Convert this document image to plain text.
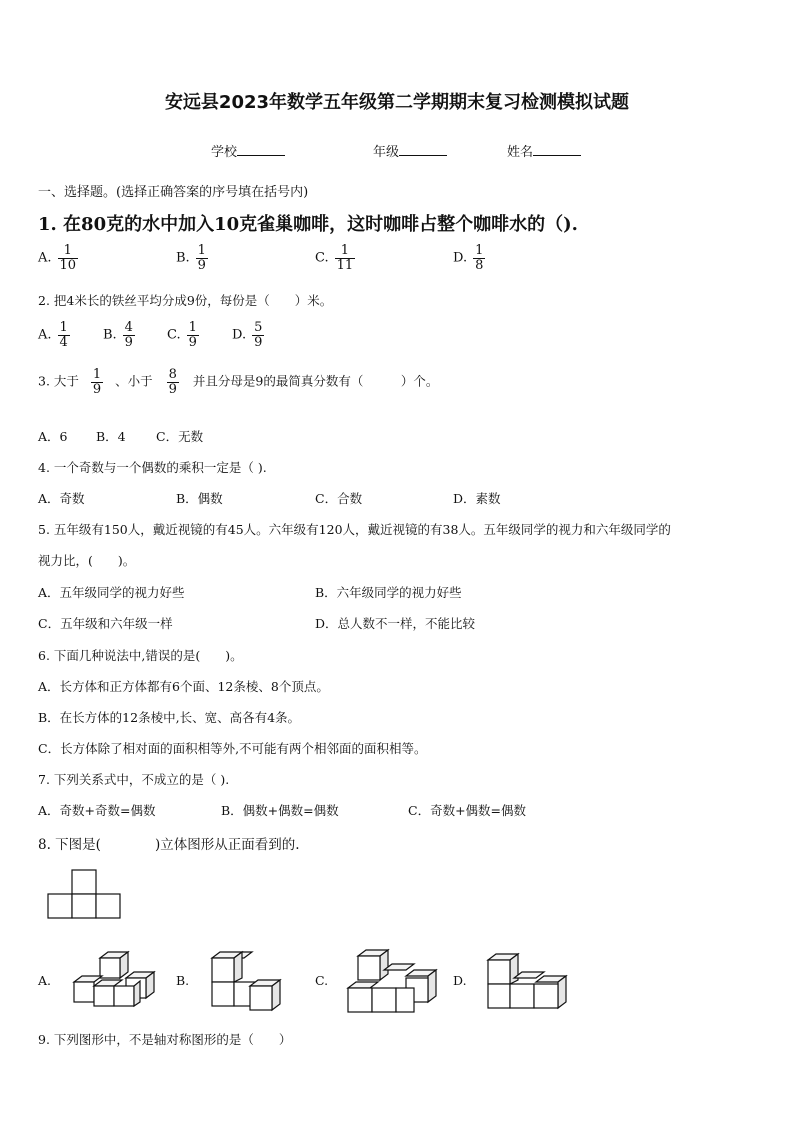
安远县2023年数学五年级第二学期期末复习检测模拟试题
学校	年级	姓名
一、选择题。(选择正确答案的序号填在括号内)
1. 在80克的水中加入10克雀巢咖啡，这时咖啡占整个咖啡水的（).
A. $\frac{1}{10}$	B. $\frac{1}{9}$	C. $\frac{1}{11}$	D. $\frac{1}{8}$
2. 把4米长的铁丝平均分成9份，每份是（　　）米。
A. $\frac{1}{4}$	B. $\frac{4}{9} C$. $\frac{1}{9}$	D. $\frac{5}{9}$
3. 大于 $\frac{1}{9}$ 、小于 $\frac{8}{9}$ 并且分母是9的最简真分数有（　　　）个。
A．6 B．4 C．无数
4. 一个奇数与一个偶数的乘积一定是（ ).
A．奇数	B．偶数	C．合数	D．素数
5. 五年级有150人，戴近视镜的有45人。六年级有120人，戴近视镜的有38人。五年级同学的视力和六年级同学的
视力比，(　　)。
A．五年级同学的视力好些	B．六年级同学的视力好些
C．五年级和六年级一样	D．总人数不一样，不能比较
6. 下面几种说法中,错误的是(　　)。
A．长方体和正方体都有6个面、12条棱、8个顶点。
B．在长方体的12条棱中,长、宽、高各有4条。
C．长方体除了相对面的面积相等外,不可能有两个相邻面的面积相等。
7. 下列关系式中，不成立的是（ ).
A．奇数+奇数=偶数	B．偶数+偶数=偶数	C．奇数+偶数=偶数
8. 下图是(　　　　)立体图形从正面看到的.
A.	B.	C.	D.
9. 下列图形中，不是轴对称图形的是（　　）
